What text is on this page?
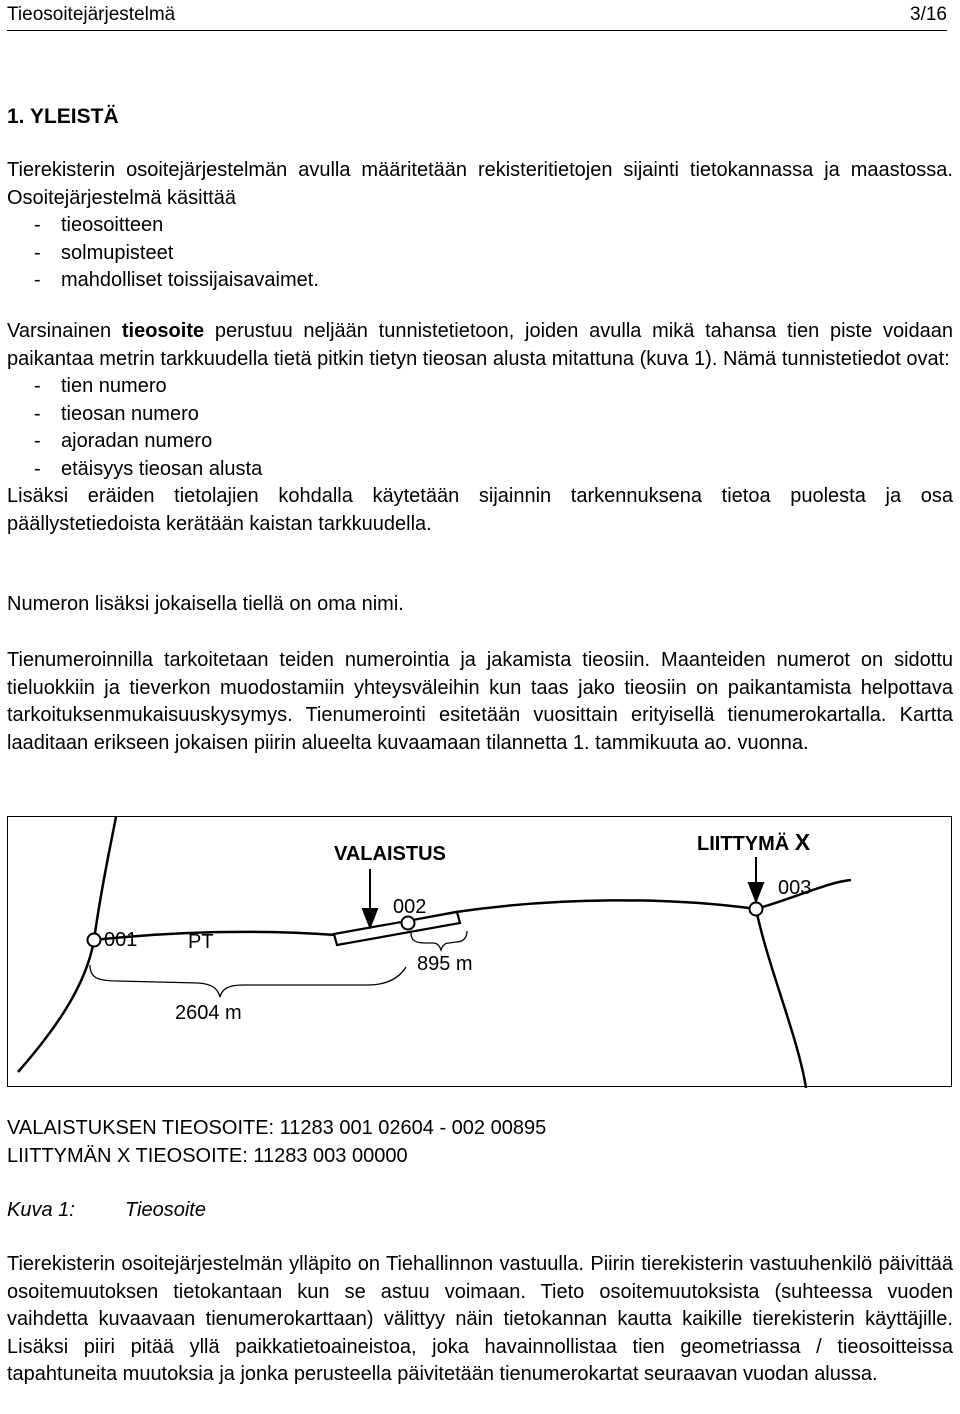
Tieosoitejärjestelmä	3/16
1. YLEISTÄ
Tierekisterin osoitejärjestelmän avulla määritetään rekisteritietojen sijainti tietokannassa ja maastossa. Osoitejärjestelmä käsittää
- tieosoitteen
- solmupisteet
- mahdolliset toissijaisavaimet.
Varsinainen tieosoite perustuu neljään tunnistetietoon, joiden avulla mikä tahansa tien piste voidaan paikantaa metrin tarkkuudella tietä pitkin tietyn tieosan alusta mitattuna (kuva 1). Nämä tunnistetiedot ovat:
- tien numero
- tieosan numero
- ajoradan numero
- etäisyys tieosan alusta
Lisäksi eräiden tietolajien kohdalla käytetään sijainnin tarkennuksena tietoa puolesta ja osa päällystetiedoista kerätään kaistan tarkkuudella.
Numeron lisäksi jokaisella tiellä on oma nimi.
Tienumeroinnilla tarkoitetaan teiden numerointia ja jakamista tieosiin. Maanteiden numerot on sidottu tieluokkiin ja tieverkon muodostamiin yhteysväleihin kun taas jako tieosiin on paikantamista helpottava tarkoituksenmukaisuuskysymys. Tienumerointi esitetään vuosittain erityisellä tienumerokartalla. Kartta laaditaan erikseen jokaisen piirin alueelta kuvaamaan tilannetta 1. tammikuuta ao. vuonna.
VALAISTUS	LIITTYMÄ X
001	PT
002
003
895 m
2604 m
VALAISTUKSEN TIEOSOITE: 11283 001 02604 - 002 00895
LIITTYMÄN X TIEOSOITE: 11283 003 00000
Kuva 1:	Tieosoite
Tierekisterin osoitejärjestelmän ylläpito on Tiehallinnon vastuulla. Piirin tierekisterin vastuuhenkilö päivittää osoitemuutoksen tietokantaan kun se astuu voimaan. Tieto osoitemuutoksista (suhteessa vuoden vaihdetta kuvaavaan tienumerokarttaan) välittyy näin tietokannan kautta kaikille tierekisterin käyttäjille. Lisäksi piiri pitää yllä paikkatietoaineistoa, joka havainnollistaa tien geometriassa / tieosoitteissa tapahtuneita muutoksia ja jonka perusteella päivitetään tienumerokartat seuraavan vuodan alussa.
